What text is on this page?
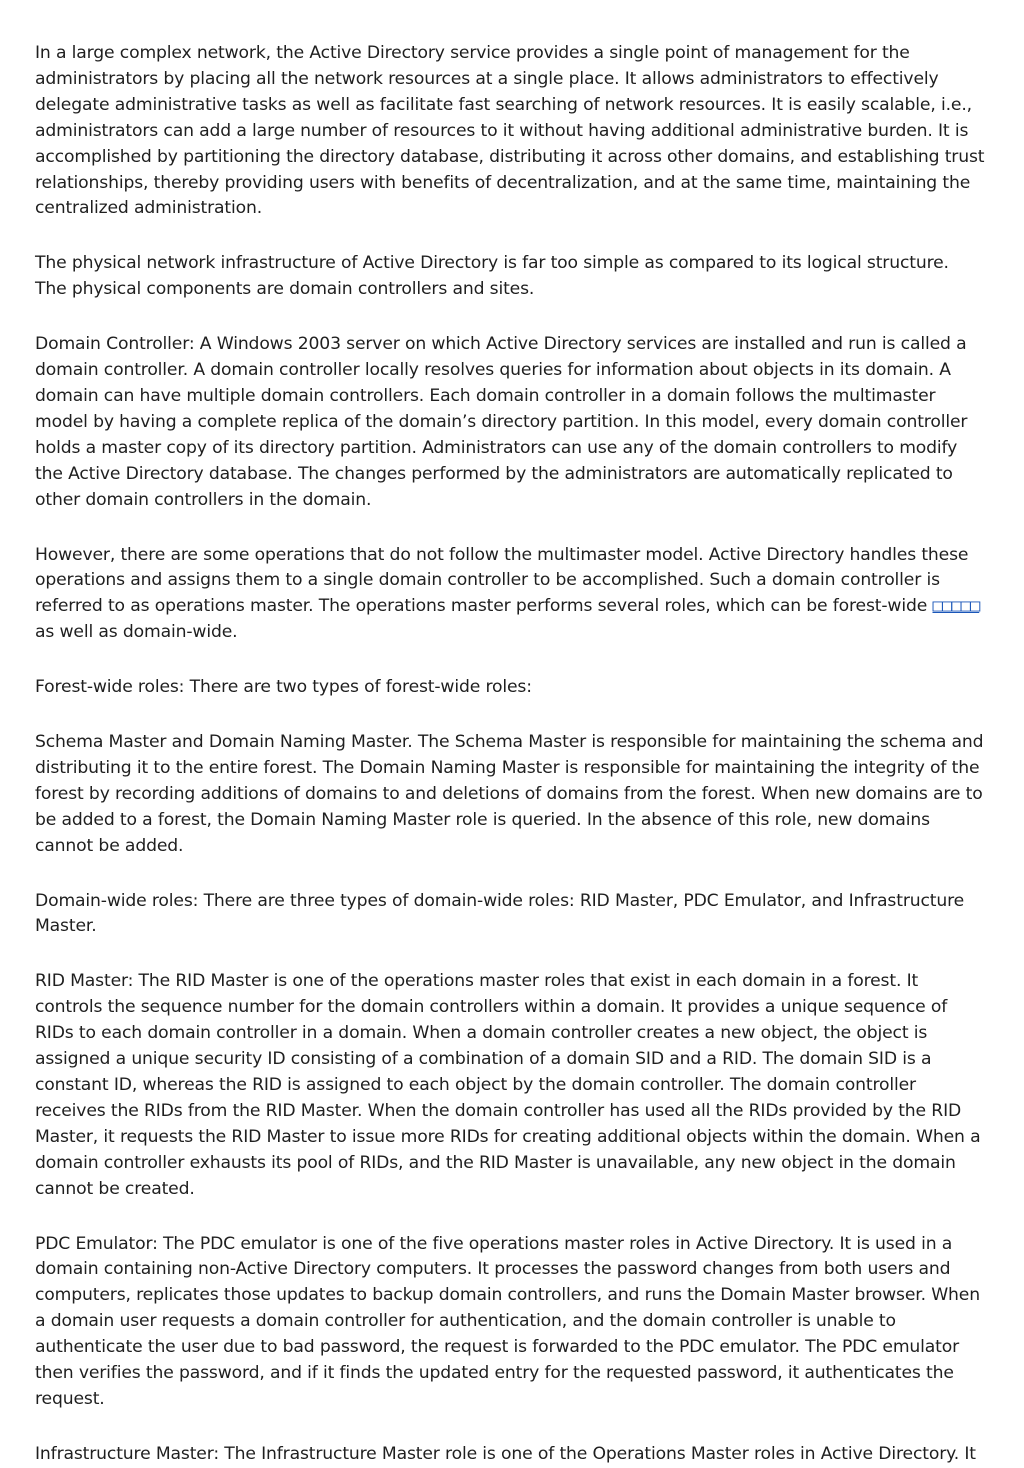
In a large complex network, the Active Directory service provides a single point of management for the administrators by placing all the network resources at a single place. It allows administrators to effectively delegate administrative tasks as well as facilitate fast searching of network resources. It is easily scalable, i.e., administrators can add a large number of resources to it without having additional administrative burden. It is accomplished by partitioning the directory database, distributing it across other domains, and establishing trust relationships, thereby providing users with benefits of decentralization, and at the same time, maintaining the centralized administration.

The physical network infrastructure of Active Directory is far too simple as compared to its logical structure. The physical components are domain controllers and sites.

Domain Controller: A Windows 2003 server on which Active Directory services are installed and run is called a domain controller. A domain controller locally resolves queries for information about objects in its domain. A domain can have multiple domain controllers. Each domain controller in a domain follows the multimaster model by having a complete replica of the domain’s directory partition. In this model, every domain controller holds a master copy of its directory partition. Administrators can use any of the domain controllers to modify the Active Directory database. The changes performed by the administrators are automatically replicated to other domain controllers in the domain.

However, there are some operations that do not follow the multimaster model. Active Directory handles these operations and assigns them to a single domain controller to be accomplished. Such a domain controller is referred to as operations master. The operations master performs several roles, which can be forest-wide □□□□□ as well as domain-wide.

Forest-wide roles: There are two types of forest-wide roles:

Schema Master and Domain Naming Master. The Schema Master is responsible for maintaining the schema and distributing it to the entire forest. The Domain Naming Master is responsible for maintaining the integrity of the forest by recording additions of domains to and deletions of domains from the forest. When new domains are to be added to a forest, the Domain Naming Master role is queried. In the absence of this role, new domains cannot be added.

Domain-wide roles: There are three types of domain-wide roles: RID Master, PDC Emulator, and Infrastructure Master.

RID Master: The RID Master is one of the operations master roles that exist in each domain in a forest. It controls the sequence number for the domain controllers within a domain. It provides a unique sequence of RIDs to each domain controller in a domain. When a domain controller creates a new object, the object is assigned a unique security ID consisting of a combination of a domain SID and a RID. The domain SID is a constant ID, whereas the RID is assigned to each object by the domain controller. The domain controller receives the RIDs from the RID Master. When the domain controller has used all the RIDs provided by the RID Master, it requests the RID Master to issue more RIDs for creating additional objects within the domain. When a domain controller exhausts its pool of RIDs, and the RID Master is unavailable, any new object in the domain cannot be created.

PDC Emulator: The PDC emulator is one of the five operations master roles in Active Directory. It is used in a domain containing non-Active Directory computers. It processes the password changes from both users and computers, replicates those updates to backup domain controllers, and runs the Domain Master browser. When a domain user requests a domain controller for authentication, and the domain controller is unable to authenticate the user due to bad password, the request is forwarded to the PDC emulator. The PDC emulator then verifies the password, and if it finds the updated entry for the requested password, it authenticates the request.

Infrastructure Master: The Infrastructure Master role is one of the Operations Master roles in Active Directory. It
